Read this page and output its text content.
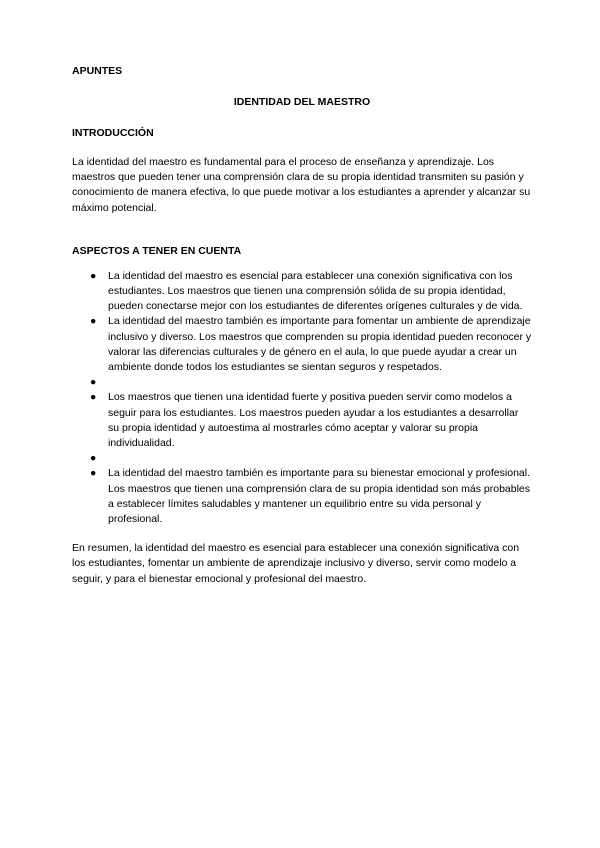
APUNTES

IDENTIDAD DEL MAESTRO

INTRODUCCIÓN

La identidad del maestro es fundamental para el proceso de enseñanza y aprendizaje. Los maestros que pueden tener una comprensión clara de su propia identidad transmiten su pasión y conocimiento de manera efectiva, lo que puede motivar a los estudiantes a aprender y alcanzar su máximo potencial.

ASPECTOS A TENER EN CUENTA

● La identidad del maestro es esencial para establecer una conexión significativa con los estudiantes. Los maestros que tienen una comprensión sólida de su propia identidad, pueden conectarse mejor con los estudiantes de diferentes orígenes culturales y de vida.
● La identidad del maestro también es importante para fomentar un ambiente de aprendizaje inclusivo y diverso. Los maestros que comprenden su propia identidad pueden reconocer y valorar las diferencias culturales y de género en el aula, lo que puede ayudar a crear un ambiente donde todos los estudiantes se sientan seguros y respetados.
●
● Los maestros que tienen una identidad fuerte y positiva pueden servir como modelos a seguir para los estudiantes. Los maestros pueden ayudar a los estudiantes a desarrollar su propia identidad y autoestima al mostrarles cómo aceptar y valorar su propia individualidad.
●
● La identidad del maestro también es importante para su bienestar emocional y profesional. Los maestros que tienen una comprensión clara de su propia identidad son más probables a establecer límites saludables y mantener un equilibrio entre su vida personal y profesional.

En resumen, la identidad del maestro es esencial para establecer una conexión significativa con los estudiantes, fomentar un ambiente de aprendizaje inclusivo y diverso, servir como modelo a seguir, y para el bienestar emocional y profesional del maestro.
